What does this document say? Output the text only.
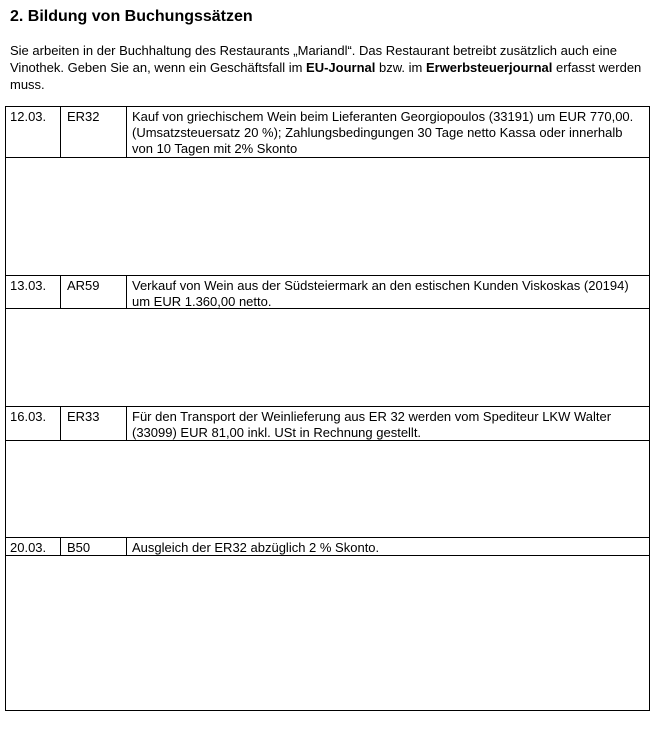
2. Bildung von Buchungssätzen

Sie arbeiten in der Buchhaltung des Restaurants „Mariandl“. Das Restaurant betreibt zusätzlich auch eine Vinothek. Geben Sie an, wenn ein Geschäftsfall im EU-Journal bzw. im Erwerbsteuerjournal erfasst werden muss.

12.03.	ER32	Kauf von griechischem Wein beim Lieferanten Georgiopoulos (33191) um EUR 770,00. (Umsatzsteuersatz 20 %); Zahlungsbedingungen 30 Tage netto Kassa oder innerhalb von 10 Tagen mit 2% Skonto
13.03.	AR59	Verkauf von Wein aus der Südsteiermark an den estischen Kunden Viskoskas (20194) um EUR 1.360,00 netto.
16.03.	ER33	Für den Transport der Weinlieferung aus ER 32 werden vom Spediteur LKW Walter (33099) EUR 81,00 inkl. USt in Rechnung gestellt.
20.03.	B50	Ausgleich der ER32 abzüglich 2 % Skonto.
